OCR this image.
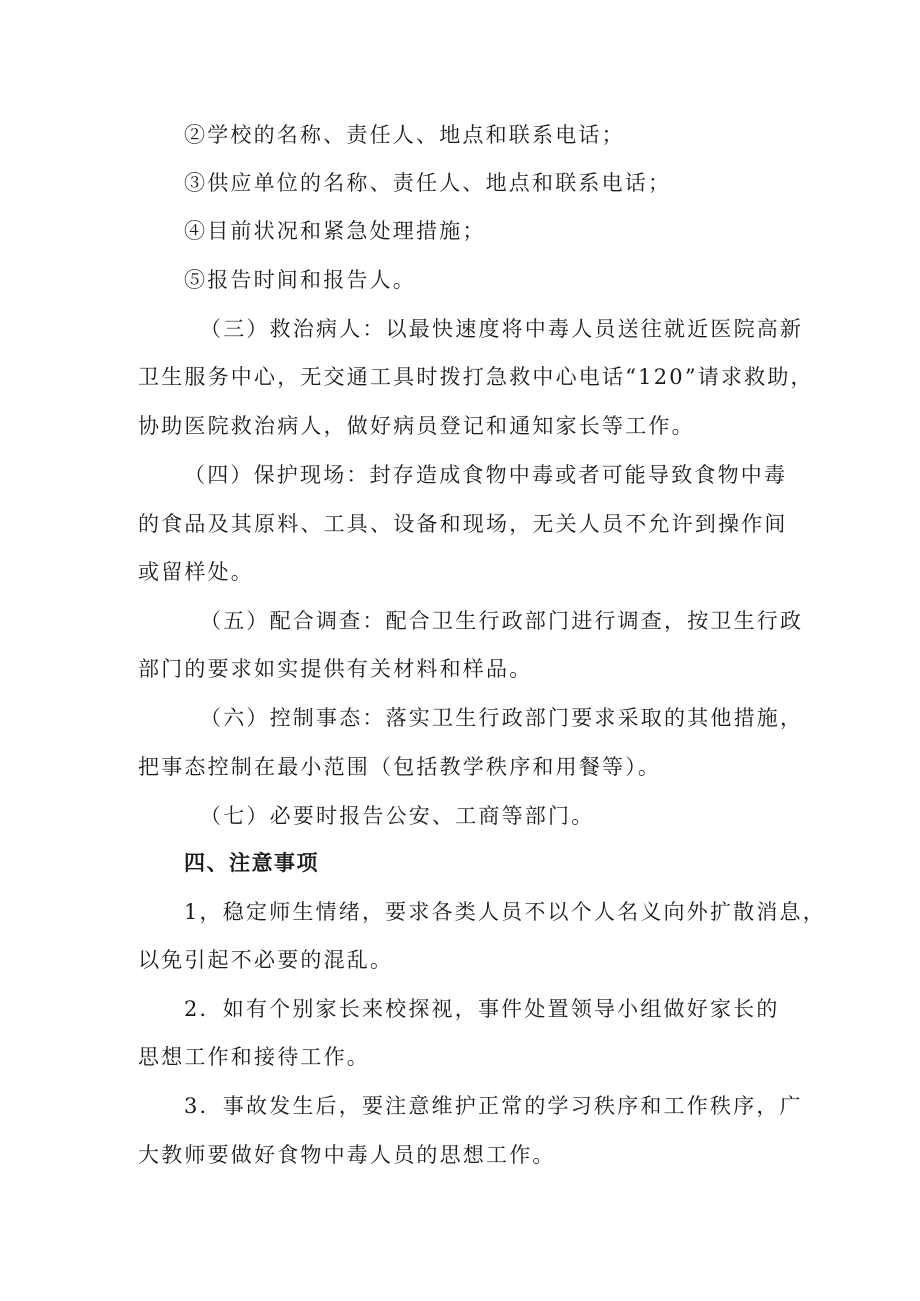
②学校的名称、责任人、地点和联系电话；
③供应单位的名称、责任人、地点和联系电话；
④目前状况和紧急处理措施；
⑤报告时间和报告人。
（三）救治病人：以最快速度将中毒人员送往就近医院高新
卫生服务中心，无交通工具时拨打急救中心电话“120”请求救助，
协助医院救治病人，做好病员登记和通知家长等工作。
（四）保护现场：封存造成食物中毒或者可能导致食物中毒
的食品及其原料、工具、设备和现场，无关人员不允许到操作间
或留样处。
（五）配合调查：配合卫生行政部门进行调查，按卫生行政
部门的要求如实提供有关材料和样品。
（六）控制事态：落实卫生行政部门要求采取的其他措施，
把事态控制在最小范围（包括教学秩序和用餐等）。
（七）必要时报告公安、工商等部门。
四、注意事项
1，稳定师生情绪，要求各类人员不以个人名义向外扩散消息，
以免引起不必要的混乱。
2．如有个别家长来校探视，事件处置领导小组做好家长的
思想工作和接待工作。
3．事故发生后，要注意维护正常的学习秩序和工作秩序，广
大教师要做好食物中毒人员的思想工作。
